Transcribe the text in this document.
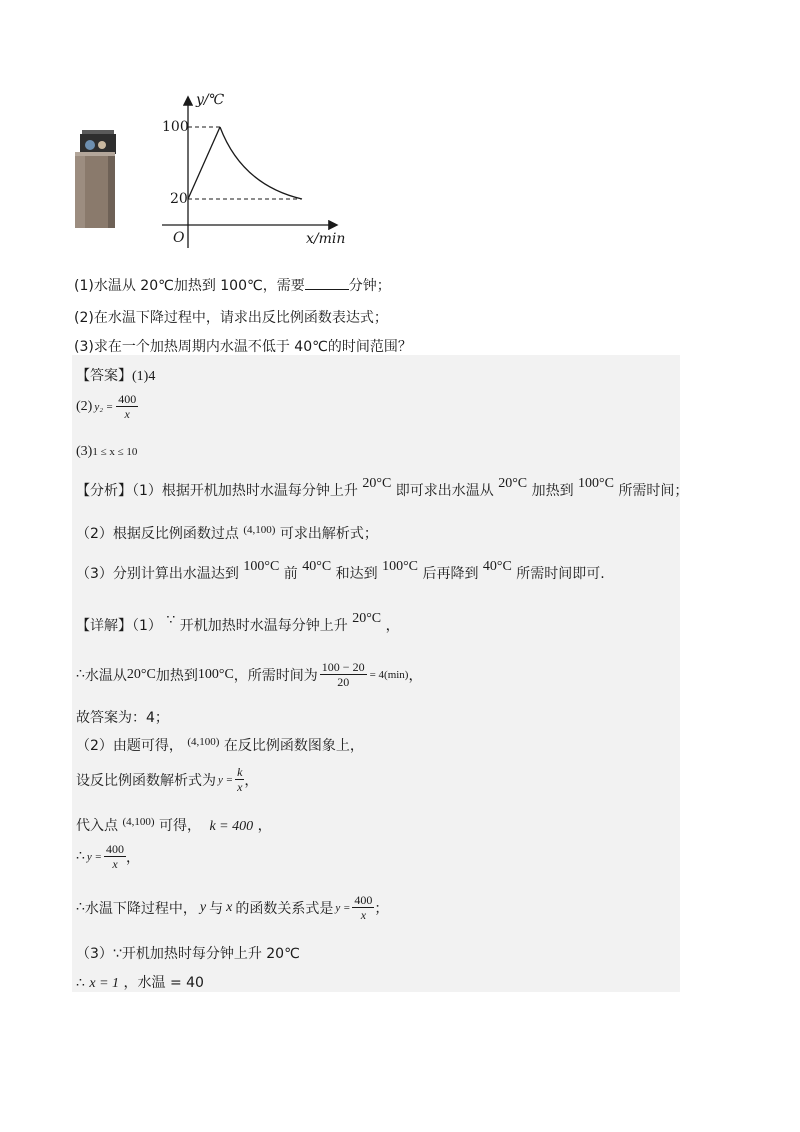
y/℃
x/min
O
100
20
(1)水温从 20℃加热到 100℃，需要	分钟；
(2)在水温下降过程中，请求出反比例函数表达式；
(3)求在一个加热周期内水温不低于 40℃的时间范围？
【答案】(1)4
(2) $y_2 = \frac{400}{x}$
(3)1 ≤ x ≤ 10
【分析】（1）根据开机加热时水温每分钟上升 20°C 即可求出水温从 20°C 加热到 100°C 所需时间；
（2）根据反比例函数过点 $^{(4,100)}$ 可求出解析式；
（3）分别计算出水温达到 100°C 前 40°C 和达到 100°C 后再降到 40°C 所需时间即可.
【详解】（1） ∵ 开机加热时水温每分钟上升 20°C ，
∴ 水温从 20°C 加热到 100°C ，所需时间为 $\frac{100 - 20}{20} = 4(\min)$ ，
故答案为：4；
（2）由题可得， $^{(4,100)}$ 在反比例函数图象上，
设反比例函数解析式为 $y = \frac{k}{x}$ ，
代入点 $^{(4,100)}$ 可得， k = 400 ，
∴ $y = \frac{400}{x}$ ，
∴ 水温下降过程中， y 与 x 的函数关系式是 $y = \frac{400}{x}$ ；
（3）∵开机加热时每分钟上升 20℃
∴ x = 1 ，水温 = 40
